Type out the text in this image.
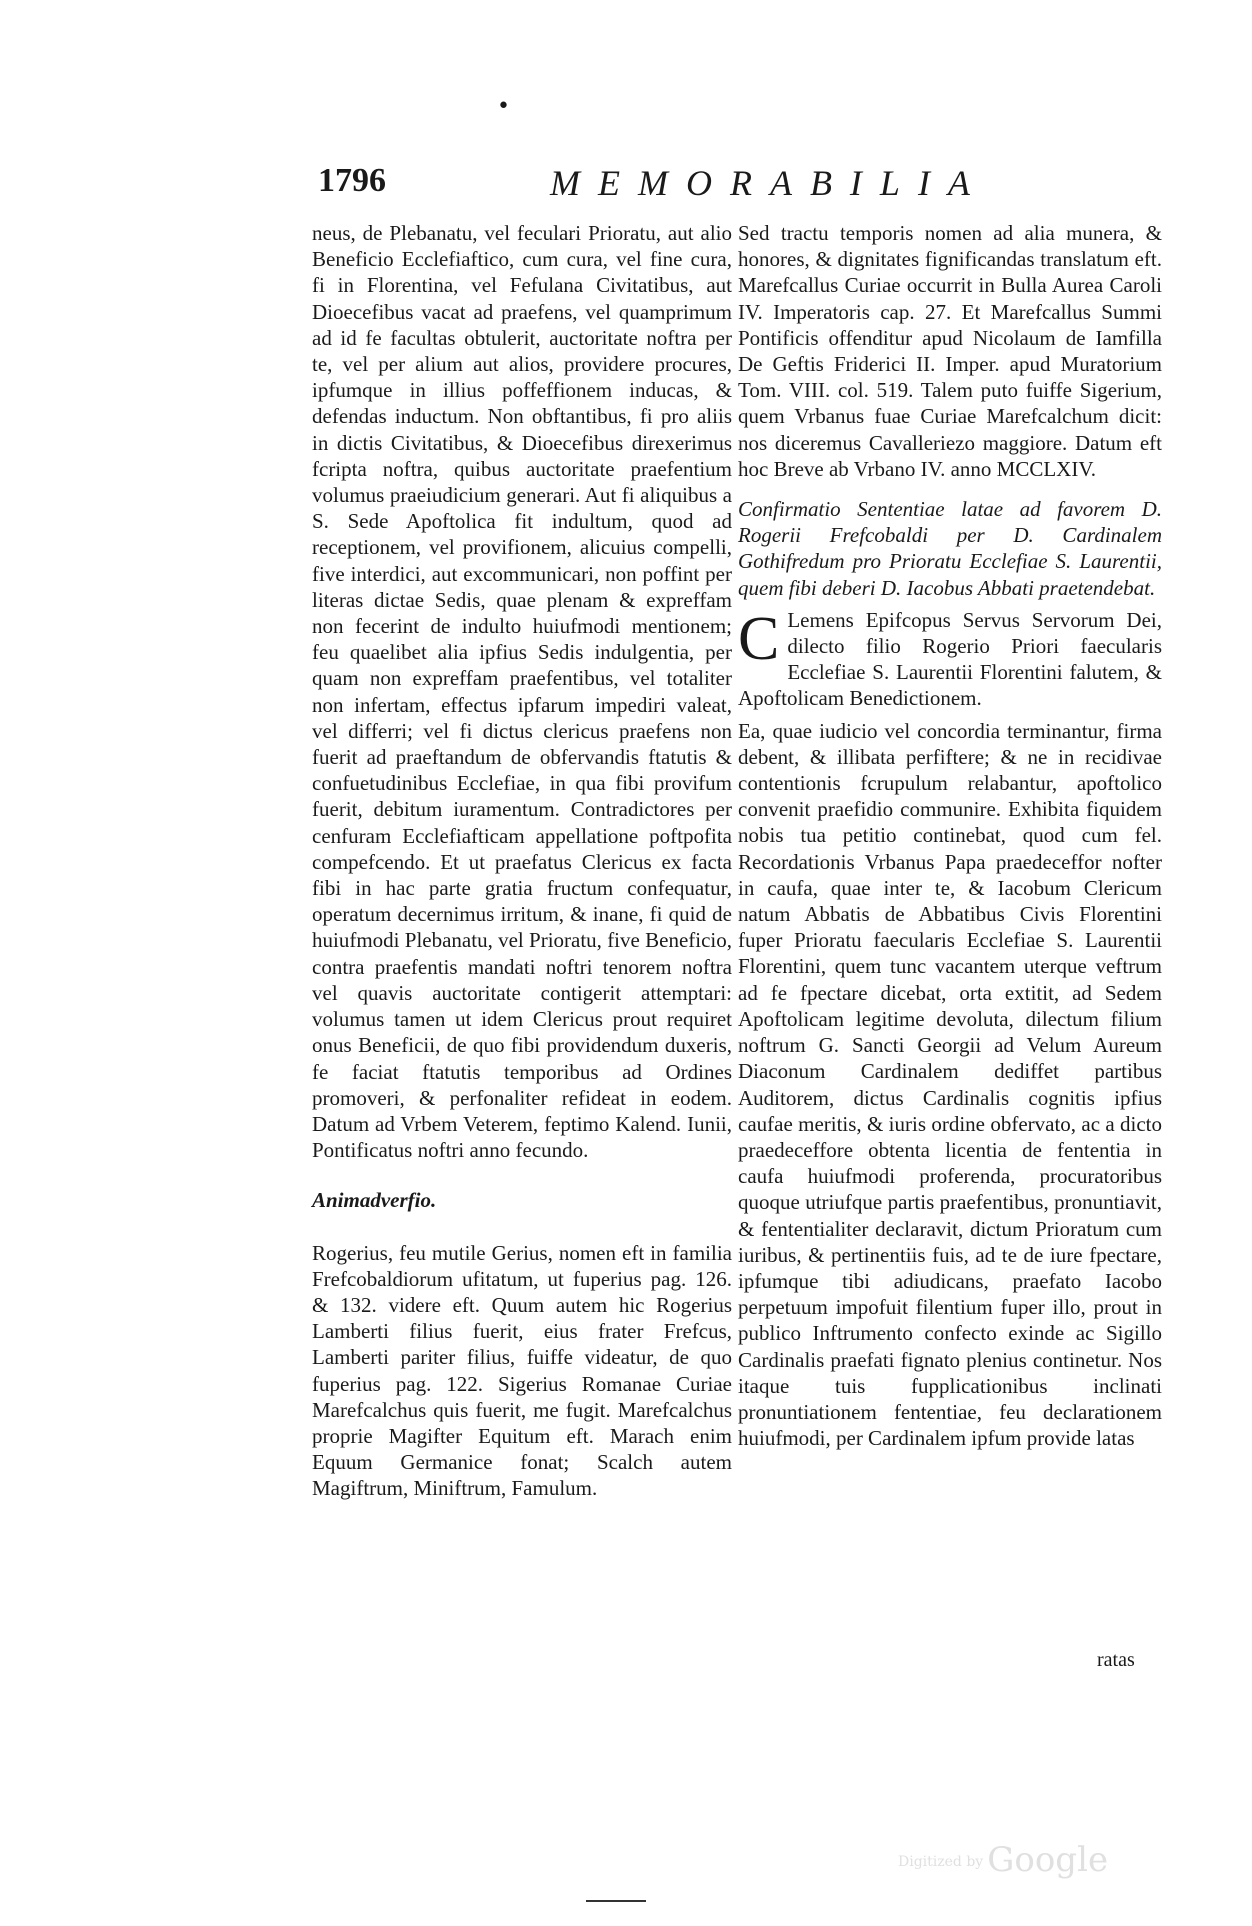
•
1796	MEMORABILIA

neus, de Plebanatu, vel feculari Prioratu, aut alio Beneficio Ecclefiaftico, cum cura, vel fine cura, fi in Florentina, vel Fefulana Civitatibus, aut Dioecefibus vacat ad praefens, vel quamprimum ad id fe facultas obtulerit, auctoritate noftra per te, vel per alium aut alios, providere procures, ipfumque in illius poffeffionem inducas, & defendas inductum. Non obftantibus, fi pro aliis in dictis Civitatibus, & Dioecefibus direxerimus fcripta noftra, quibus auctoritate praefentium volumus praeiudicium generari. Aut fi aliquibus a S. Sede Apoftolica fit indultum, quod ad receptionem, vel provifionem, alicuius compelli, five interdici, aut excommunicari, non poffint per literas dictae Sedis, quae plenam & expreffam non fecerint de indulto huiufmodi mentionem; feu quaelibet alia ipfius Sedis indulgentia, per quam non expreffam praefentibus, vel totaliter non infertam, effectus ipfarum impediri valeat, vel differri; vel fi dictus clericus praefens non fuerit ad praeftandum de obfervandis ftatutis & confuetudinibus Ecclefiae, in qua fibi provifum fuerit, debitum iuramentum. Contradictores per cenfuram Ecclefiafticam appellatione poftpofita compefcendo. Et ut praefatus Clericus ex facta fibi in hac parte gratia fructum confequatur, operatum decernimus irritum, & inane, fi quid de huiufmodi Plebanatu, vel Prioratu, five Beneficio, contra praefentis mandati noftri tenorem noftra vel quavis auctoritate contigerit attemptari: volumus tamen ut idem Clericus prout requiret onus Beneficii, de quo fibi providendum duxeris, fe faciat ftatutis temporibus ad Ordines promoveri, & perfonaliter refideat in eodem. Datum ad Vrbem Veterem, feptimo Kalend. Iunii, Pontificatus noftri anno fecundo.

Animadverfio.

Rogerius, feu mutile Gerius, nomen eft in familia Frefcobaldiorum ufitatum, ut fuperius pag. 126. & 132. videre eft. Quum autem hic Rogerius Lamberti filius fuerit, eius frater Frefcus, Lamberti pariter filius, fuiffe videatur, de quo fuperius pag. 122. Sigerius Romanae Curiae Marefcalchus quis fuerit, me fugit. Marefcalchus proprie Magifter Equitum eft. Marach enim Equum Germanice fonat; Scalch autem Magiftrum, Miniftrum, Famulum.

Sed tractu temporis nomen ad alia munera, & honores, & dignitates fignificandas translatum eft. Marefcallus Curiae occurrit in Bulla Aurea Caroli IV. Imperatoris cap. 27. Et Marefcallus Summi Pontificis offenditur apud Nicolaum de Iamfilla De Geftis Friderici II. Imper. apud Muratorium Tom. VIII. col. 519. Talem puto fuiffe Sigerium, quem Vrbanus fuae Curiae Marefcalchum dicit: nos diceremus Cavalleriezo maggiore. Datum eft hoc Breve ab Vrbano IV. anno MCCLXIV.

Confirmatio Sententiae latae ad favorem D. Rogerii Frefcobaldi per D. Cardinalem Gothifredum pro Prioratu Ecclefiae S. Laurentii, quem fibi deberi D. Iacobus Abbati praetendebat.

C Lemens Epifcopus Servus Servorum Dei, dilecto filio Rogerio Priori faecularis Ecclefiae S. Laurentii Florentini falutem, & Apoftolicam Benedictionem.

Ea, quae iudicio vel concordia terminantur, firma debent, & illibata perfiftere; & ne in recidivae contentionis fcrupulum relabantur, apoftolico convenit praefidio communire. Exhibita fiquidem nobis tua petitio continebat, quod cum fel. Recordationis Vrbanus Papa praedeceffor nofter in caufa, quae inter te, & Iacobum Clericum natum Abbatis de Abbatibus Civis Florentini fuper Prioratu faecularis Ecclefiae S. Laurentii Florentini, quem tunc vacantem uterque veftrum ad fe fpectare dicebat, orta extitit, ad Sedem Apoftolicam legitime devoluta, dilectum filium noftrum G. Sancti Georgii ad Velum Aureum Diaconum Cardinalem dediffet partibus Auditorem, dictus Cardinalis cognitis ipfius caufae meritis, & iuris ordine obfervato, ac a dicto praedeceffore obtenta licentia de fententia in caufa huiufmodi proferenda, procuratoribus quoque utriufque partis praefentibus, pronuntiavit, & fententialiter declaravit, dictum Prioratum cum iuribus, & pertinentiis fuis, ad te de iure fpectare, ipfumque tibi adiudicans, praefato Iacobo perpetuum impofuit filentium fuper illo, prout in publico Inftrumento confecto exinde ac Sigillo Cardinalis praefati fignato plenius continetur. Nos itaque tuis fupplicationibus inclinati pronuntiationem fententiae, feu declarationem huiufmodi, per Cardinalem ipfum provide latas

ratas
Digitized by Google
